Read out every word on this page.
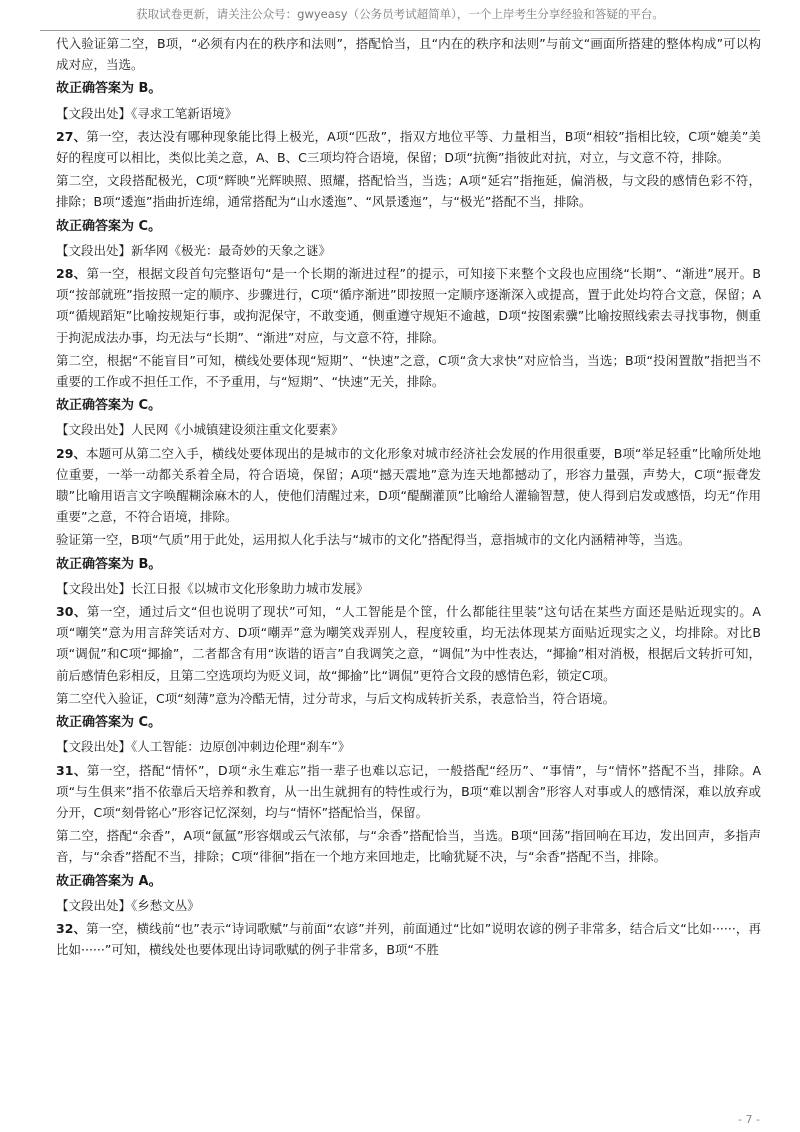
获取试卷更新，请关注公众号：gwyeasy（公务员考试超简单），一个上岸考生分享经验和答疑的平台。

代入验证第二空，B项，“必须有内在的秩序和法则”，搭配恰当，且“内在的秩序和法则”与前文“画面所搭建的整体构成”可以构成对应，当选。

故正确答案为 B。

【文段出处】《寻求工笔新语境》

27、第一空，表达没有哪种现象能比得上极光，A项“匹敌”，指双方地位平等、力量相当，B项“相较”指相比较，C项“媲美”美好的程度可以相比，类似比美之意，A、B、C三项均符合语境，保留；D项“抗衡”指彼此对抗，对立，与文意不符，排除。

第二空，文段搭配极光，C项“辉映”光辉映照、照耀，搭配恰当，当选；A项“延宕”指拖延，偏消极，与文段的感情色彩不符，排除；B项“逶迤”指曲折连绵，通常搭配为“山水逶迤”、“风景逶迤”，与“极光”搭配不当，排除。

故正确答案为 C。

【文段出处】新华网《极光：最奇妙的天象之谜》

28、第一空，根据文段首句完整语句“是一个长期的渐进过程”的提示，可知接下来整个文段也应围绕“长期”、“渐进”展开。B项“按部就班”指按照一定的顺序、步骤进行，C项“循序渐进”即按照一定顺序逐渐深入或提高，置于此处均符合文意，保留；A项“循规蹈矩”比喻按规矩行事，或拘泥保守，不敢变通，侧重遵守规矩不逾越，D项“按图索骥”比喻按照线索去寻找事物，侧重于拘泥成法办事，均无法与“长期”、“渐进”对应，与文意不符，排除。

第二空，根据“不能盲目”可知，横线处要体现“短期”、“快速”之意，C项“贪大求快”对应恰当，当选；B项“投闲置散”指把当不重要的工作或不担任工作，不予重用，与“短期”、“快速”无关，排除。

故正确答案为 C。

【文段出处】人民网《小城镇建设须注重文化要素》

29、本题可从第二空入手，横线处要体现出的是城市的文化形象对城市经济社会发展的作用很重要，B项“举足轻重”比喻所处地位重要，一举一动都关系着全局，符合语境，保留；A项“撼天震地”意为连天地都撼动了，形容力量强，声势大，C项“振聋发聩”比喻用语言文字唤醒糊涂麻木的人，使他们清醒过来，D项“醍醐灌顶”比喻给人灌输智慧，使人得到启发或感悟，均无“作用重要”之意，不符合语境，排除。

验证第一空，B项“气质”用于此处，运用拟人化手法与“城市的文化”搭配得当，意指城市的文化内涵精神等，当选。

故正确答案为 B。

【文段出处】长江日报《以城市文化形象助力城市发展》

30、第一空，通过后文“但也说明了现状”可知，“人工智能是个筐，什么都能往里装”这句话在某些方面还是贴近现实的。A项“嘲笑”意为用言辞笑话对方、D项“嘲弄”意为嘲笑戏弄别人，程度较重，均无法体现某方面贴近现实之义，均排除。对比B项“调侃”和C项“揶揄”，二者都含有用“诙谐的语言”自我调笑之意，“调侃”为中性表达，“揶揄”相对消极，根据后文转折可知，前后感情色彩相反，且第二空选项均为贬义词，故“揶揄”比“调侃”更符合文段的感情色彩，锁定C项。

第二空代入验证，C项“刻薄”意为冷酷无情，过分苛求，与后文构成转折关系，表意恰当，符合语境。

故正确答案为 C。

【文段出处】《人工智能：边原创冲刺边伦理“刹车”》

31、第一空，搭配“情怀”，D项“永生难忘”指一辈子也难以忘记，一般搭配“经历”、“事情”，与“情怀”搭配不当，排除。A项“与生俱来”指不依靠后天培养和教育，从一出生就拥有的特性或行为，B项“难以割舍”形容人对事或人的感情深，难以放弃或分开，C项“刻骨铭心”形容记忆深刻，均与“情怀”搭配恰当，保留。

第二空，搭配“余香”，A项“氤氲”形容烟或云气浓郁，与“余香”搭配恰当，当选。B项“回荡”指回响在耳边，发出回声，多指声音，与“余香”搭配不当，排除；C项“徘徊”指在一个地方来回地走，比喻犹疑不决，与“余香”搭配不当，排除。

故正确答案为 A。

【文段出处】《乡愁文丛》

32、第一空，横线前“也”表示“诗词歌赋”与前面“农谚”并列，前面通过“比如”说明农谚的例子非常多，结合后文“比如······，再比如······”可知，横线处也要体现出诗词歌赋的例子非常多，B项“不胜

- 7 -
